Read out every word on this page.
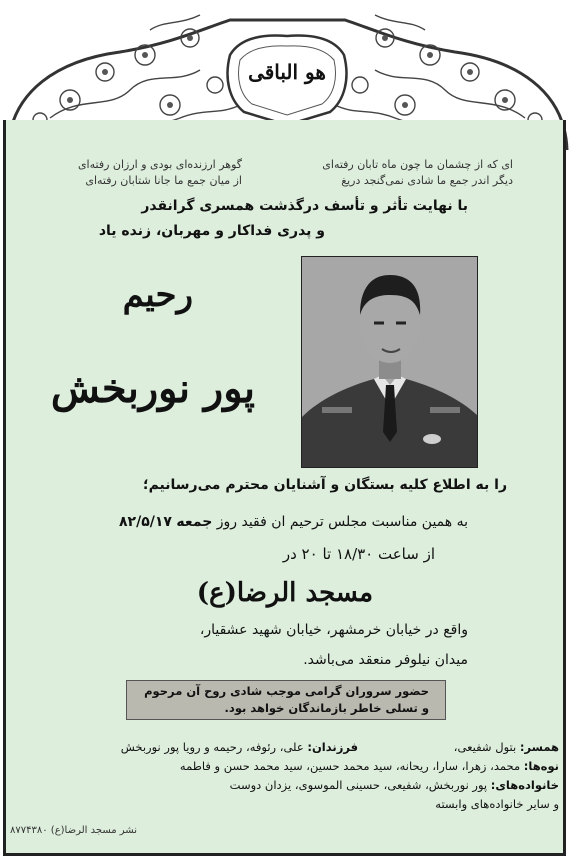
هو الباقی
ای که از چشمان ما چون ماه تابان رفته‌ای
دیگر اندر جمع ما شادی نمی‌گنجد دریغ
گوهر ارزنده‌ای بودی و ارزان رفته‌ای
از میان جمع ما جانا شتابان رفته‌ای
با نهایت تأثر و تأسف درگذشت همسری گرانقدر
و پدری فداکار و مهربان، زنده یاد
رحیم
پور نوربخش
را به اطلاع کلیه بستگان و آشنایان محترم می‌رسانیم؛
به همین مناسبت مجلس ترحیم ان فقید روز جمعه ۸۲/۵/۱۷
از ساعت ۱۸/۳۰ تا ۲۰ در
مسجد الرضا(ع)
واقع در خیابان خرمشهر، خیابان شهید عشقیار،
میدان نیلوفر منعقد می‌باشد.
حضور سروران گرامی موجب شادی روح آن مرحوم
و تسلی خاطر بازماندگان خواهد بود.
فرزندان: علی، رئوفه، رحیمه و رویا پور نوربخش	همسر: بتول شفیعی،
نوه‌ها: محمد، زهرا، سارا، ریحانه، سید محمد حسین، سید محمد حسن و فاطمه
خانواده‌های: پور نوربخش، شفیعی، حسینی الموسوی، یزدان دوست
و سایر خانواده‌های وابسته
نشر مسجد الرضا(ع) ۸۷۷۴۳۸۰
